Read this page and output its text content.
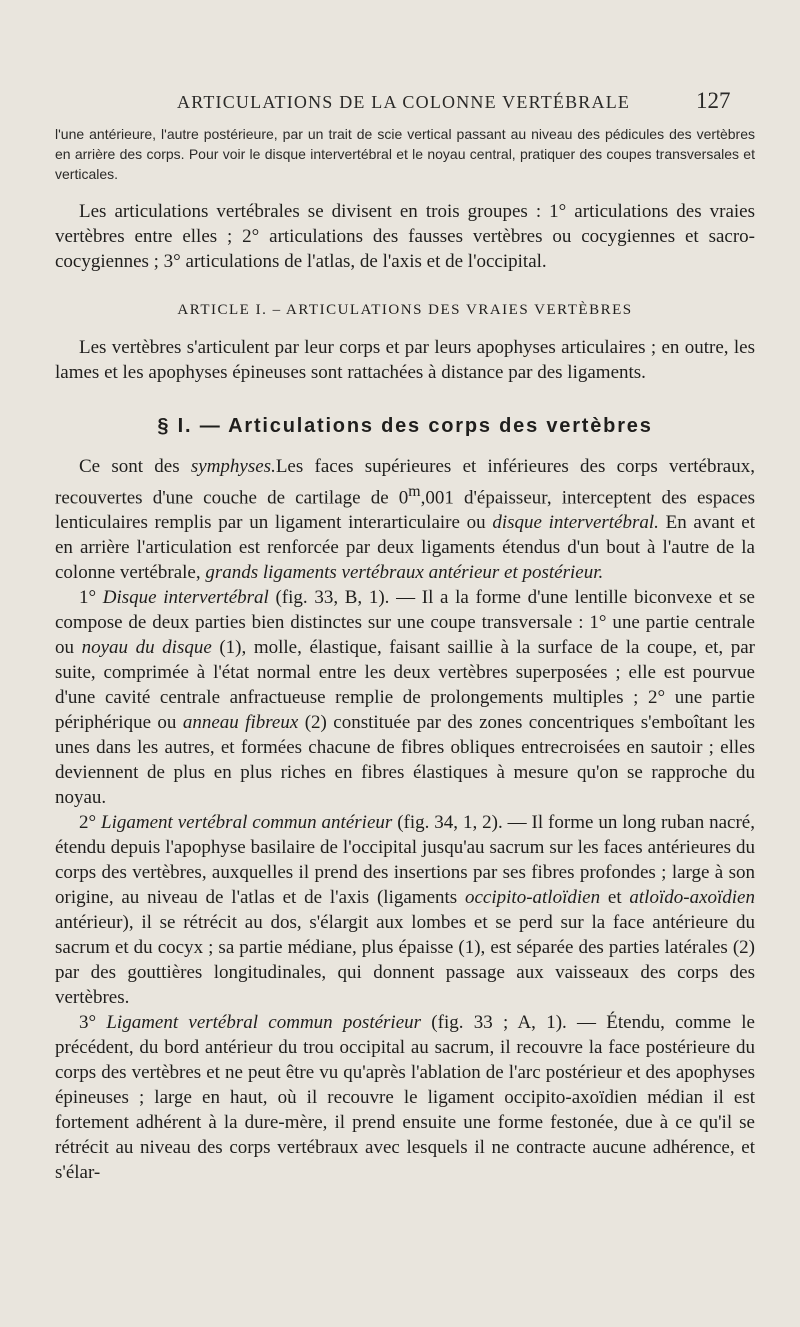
ARTICULATIONS DE LA COLONNE VERTÉBRALE	127
l'une antérieure, l'autre postérieure, par un trait de scie vertical passant au niveau des pédicules des vertèbres en arrière des corps. Pour voir le disque intervertébral et le noyau central, pratiquer des coupes transversales et verticales.

Les articulations vertébrales se divisent en trois groupes : 1° articulations des vraies vertèbres entre elles ; 2° articulations des fausses vertèbres ou cocygiennes et sacro-cocygiennes ; 3° articulations de l'atlas, de l'axis et de l'occipital.

ARTICLE I. – ARTICULATIONS DES VRAIES VERTÈBRES

Les vertèbres s'articulent par leur corps et par leurs apophyses articulaires ; en outre, les lames et les apophyses épineuses sont rattachées à distance par des ligaments.

§ I. — Articulations des corps des vertèbres

Ce sont des symphyses.Les faces supérieures et inférieures des corps vertébraux, recouvertes d'une couche de cartilage de 0$^m$,001 d'épaisseur, interceptent des espaces lenticulaires remplis par un ligament interarticulaire ou disque intervertébral. En avant et en arrière l'articulation est renforcée par deux ligaments étendus d'un bout à l'autre de la colonne vertébrale, grands ligaments vertébraux antérieur et postérieur.

1° Disque intervertébral (fig. 33, B, 1). — Il a la forme d'une lentille biconvexe et se compose de deux parties bien distinctes sur une coupe transversale : 1° une partie centrale ou noyau du disque (1), molle, élastique, faisant saillie à la surface de la coupe, et, par suite, comprimée à l'état normal entre les deux vertèbres superposées ; elle est pourvue d'une cavité centrale anfractueuse remplie de prolongements multiples ; 2° une partie périphérique ou anneau fibreux (2) constituée par des zones concentriques s'emboîtant les unes dans les autres, et formées chacune de fibres obliques entrecroisées en sautoir ; elles deviennent de plus en plus riches en fibres élastiques à mesure qu'on se rapproche du noyau.

2° Ligament vertébral commun antérieur (fig. 34, 1, 2). — Il forme un long ruban nacré, étendu depuis l'apophyse basilaire de l'occipital jusqu'au sacrum sur les faces antérieures du corps des vertèbres, auxquelles il prend des insertions par ses fibres profondes ; large à son origine, au niveau de l'atlas et de l'axis (ligaments occipito-atloïdien et atloïdo-axoïdien antérieur), il se rétrécit au dos, s'élargit aux lombes et se perd sur la face antérieure du sacrum et du cocyx ; sa partie médiane, plus épaisse (1), est séparée des parties latérales (2) par des gouttières longitudinales, qui donnent passage aux vaisseaux des corps des vertèbres.

3° Ligament vertébral commun postérieur (fig. 33 ; A, 1). — Étendu, comme le précédent, du bord antérieur du trou occipital au sacrum, il recouvre la face postérieure du corps des vertèbres et ne peut être vu qu'après l'ablation de l'arc postérieur et des apophyses épineuses ; large en haut, où il recouvre le ligament occipito-axoïdien médian il est fortement adhérent à la dure-mère, il prend ensuite une forme festonée, due à ce qu'il se rétrécit au niveau des corps vertébraux avec lesquels il ne contracte aucune adhérence, et s'élar-
